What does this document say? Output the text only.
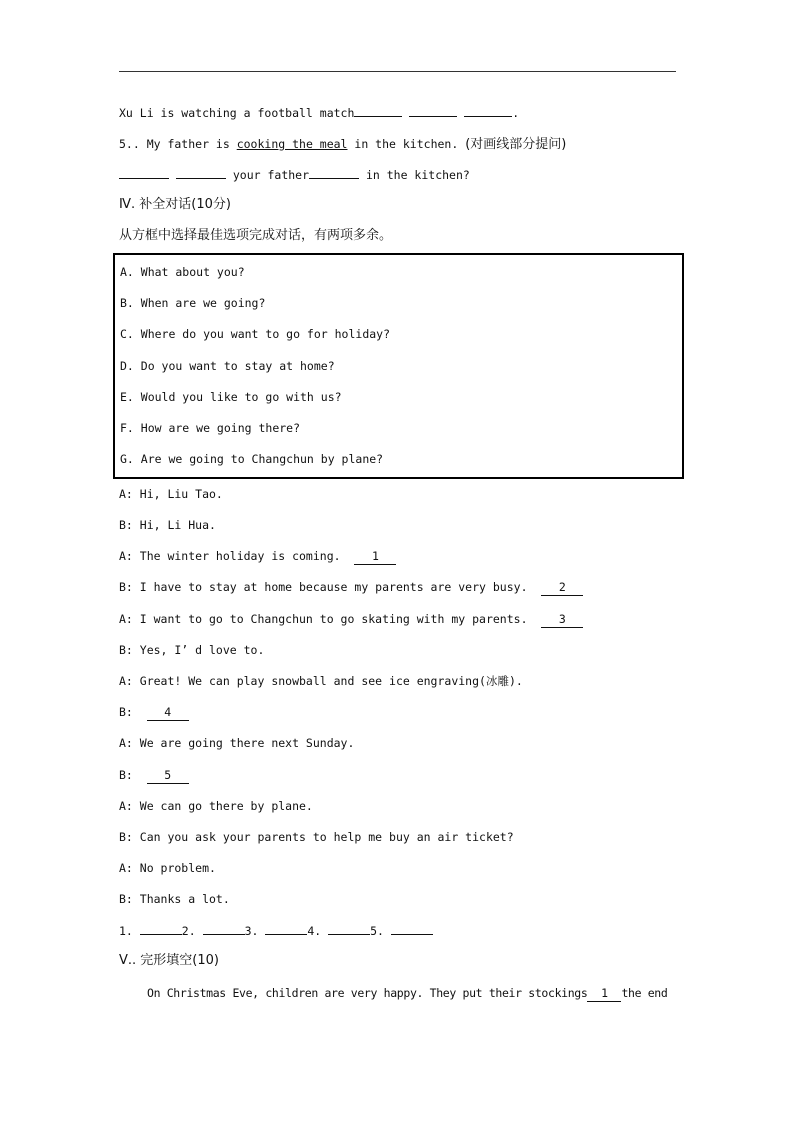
Xu Li is watching a football match	.
5.. My father is cooking the meal in the kitchen. (对画线部分提问)
your father	in the kitchen?
Ⅳ. 补全对话(10分)
从方框中选择最佳选项完成对话，有两项多余。
A. What about you?
B. When are we going?
C. Where do you want to go for holiday?
D. Do you want to stay at home?
E. Would you like to go with us?
F. How are we going there?
G. Are we going to Changchun by plane?
A: Hi, Liu Tao.
B: Hi, Li Hua.
A: The winter holiday is coming.  1
B: I have to stay at home because my parents are very busy.  2
A: I want to go to Changchun to go skating with my parents.  3
B: Yes, I’ d love to.
A: Great! We can play snowball and see ice engraving(冰雕).
B:  4
A: We are going there next Sunday.
B:  5
A: We can go there by plane.
B: Can you ask your parents to help me buy an air ticket?
A: No problem.
B: Thanks a lot.
1.	2.	3.	4.	5.
Ⅴ.. 完形填空(10)
On Christmas Eve, children are very happy. They put their stockings 1 the end
